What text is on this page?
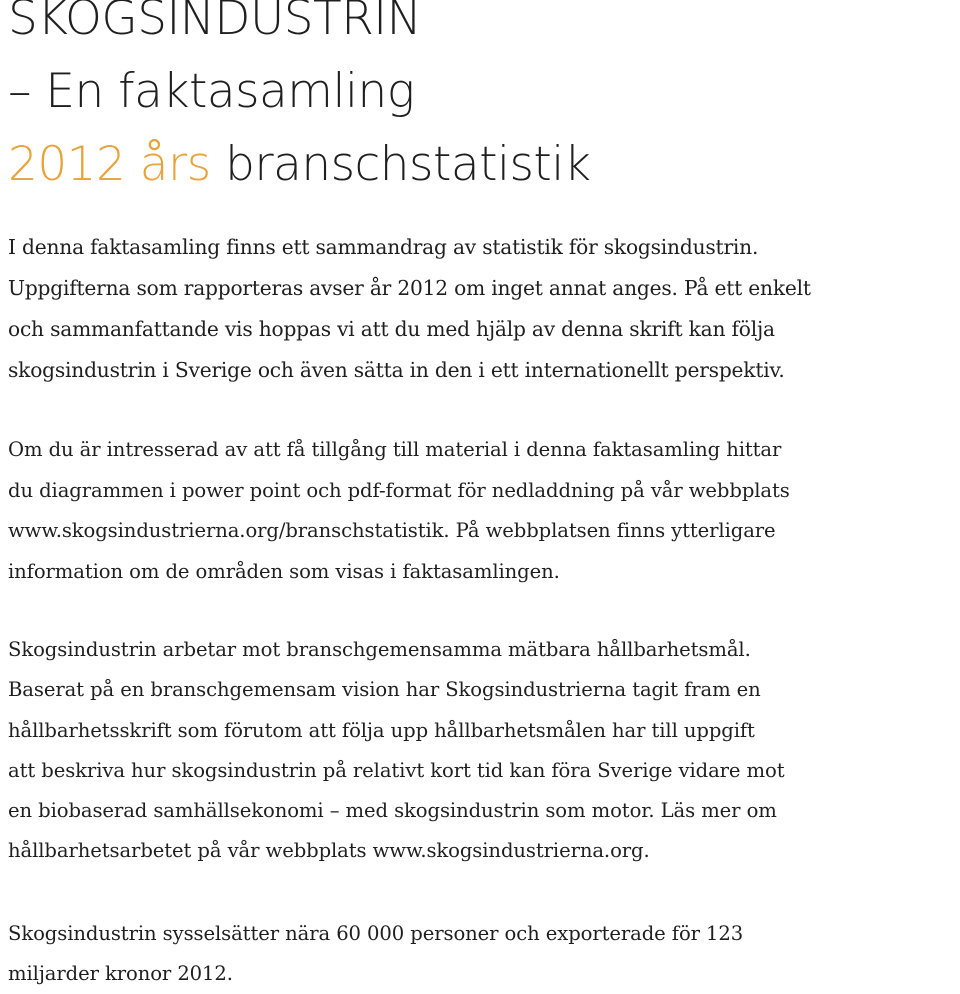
SKOGSINDUSTRIN
– En faktasamling
2012 års branschstatistik

I denna faktasamling finns ett sammandrag av statistik för skogsindustrin.
Uppgifterna som rapporteras avser år 2012 om inget annat anges. På ett enkelt
och sammanfattande vis hoppas vi att du med hjälp av denna skrift kan följa
skogsindustrin i Sverige och även sätta in den i ett internationellt perspektiv.

Om du är intresserad av att få tillgång till material i denna faktasamling hittar
du diagrammen i power point och pdf-format för nedladdning på vår webbplats
www.skogsindustrierna.org/branschstatistik. På webbplatsen finns ytterligare
information om de områden som visas i faktasamlingen.

Skogsindustrin arbetar mot branschgemensamma mätbara hållbarhetsmål.
Baserat på en branschgemensam vision har Skogsindustrierna tagit fram en
hållbarhetsskrift som förutom att följa upp hållbarhetsmålen har till uppgift
att beskriva hur skogsindustrin på relativt kort tid kan föra Sverige vidare mot
en biobaserad samhällsekonomi – med skogsindustrin som motor. Läs mer om
hållbarhetsarbetet på vår webbplats www.skogsindustrierna.org.

Skogsindustrin sysselsätter nära 60 000 personer och exporterade för 123
miljarder kronor 2012.
